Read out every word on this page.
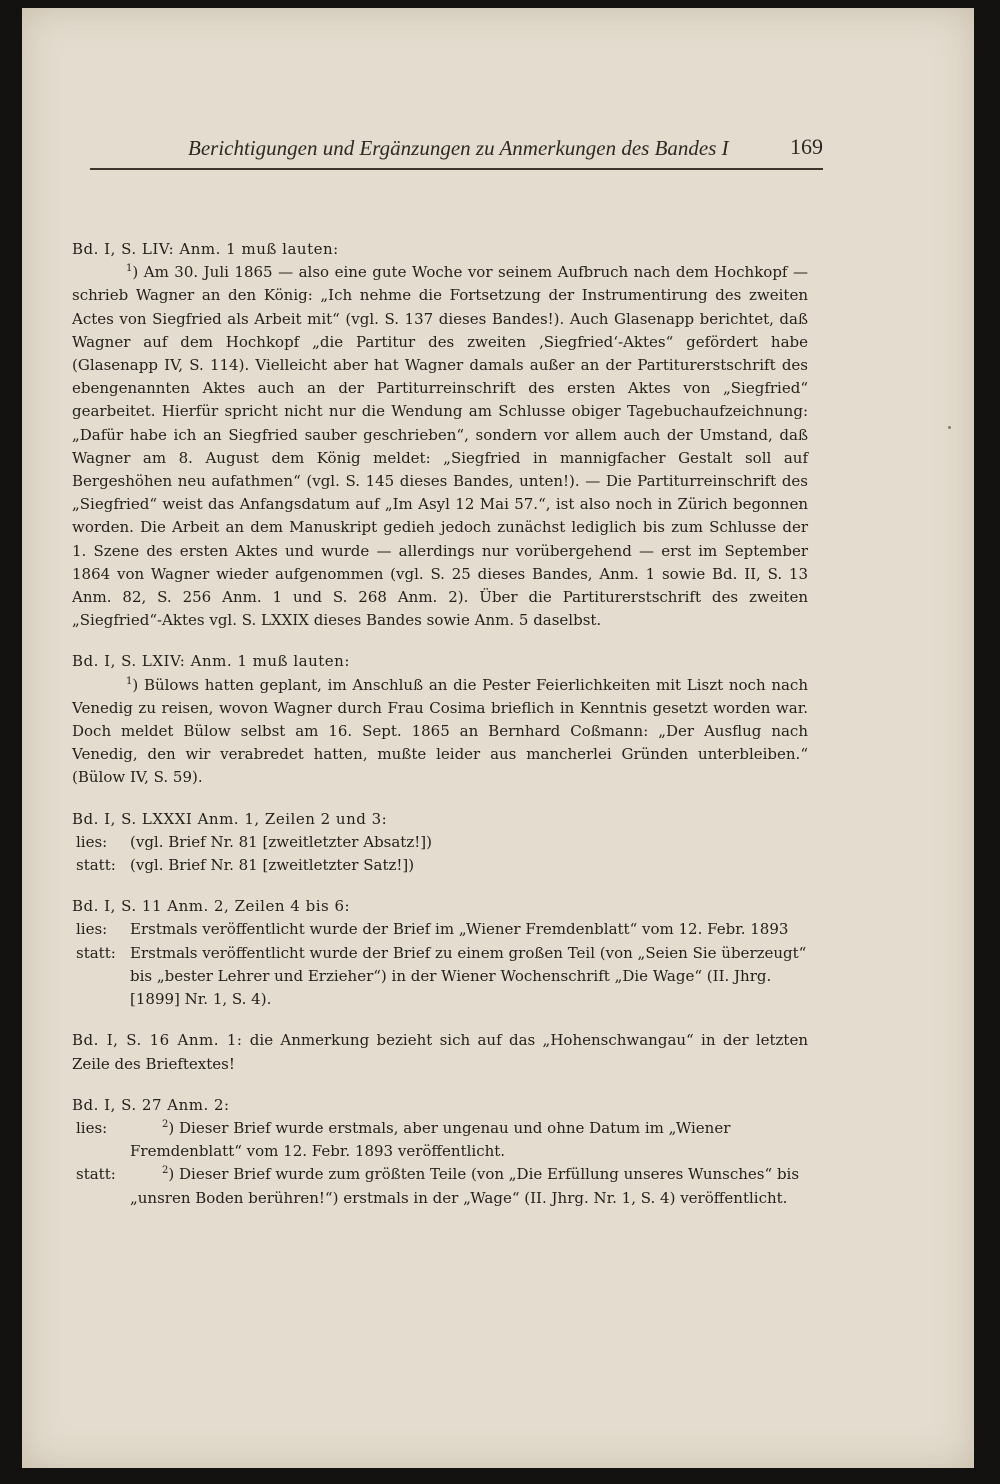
Berichtigungen und Ergänzungen zu Anmerkungen des Bandes I	169
Bd. I, S. LIV: Anm. 1 muß lauten:
$^1$) Am 30. Juli 1865 — also eine gute Woche vor seinem Aufbruch nach dem Hochkopf — schrieb Wagner an den König: „Ich nehme die Fortsetzung der Instrumentirung des zweiten Actes von Siegfried als Arbeit mit“ (vgl. S. 137 dieses Bandes!). Auch Glasenapp berichtet, daß Wagner auf dem Hochkopf „die Partitur des zweiten ‚Siegfried‘-Aktes“ gefördert habe (Glasenapp IV, S. 114). Vielleicht aber hat Wagner damals außer an der Partiturerstschrift des ebengenannten Aktes auch an der Partiturreinschrift des ersten Aktes von „Siegfried“ gearbeitet. Hierfür spricht nicht nur die Wendung am Schlusse obiger Tagebuchaufzeichnung: „Dafür habe ich an Siegfried sauber geschrieben“, sondern vor allem auch der Umstand, daß Wagner am 8. August dem König meldet: „Siegfried in mannigfacher Gestalt soll auf Bergeshöhen neu aufathmen“ (vgl. S. 145 dieses Bandes, unten!). — Die Partiturreinschrift des „Siegfried“ weist das Anfangsdatum auf „Im Asyl 12 Mai 57.“, ist also noch in Zürich begonnen worden. Die Arbeit an dem Manuskript gedieh jedoch zunächst lediglich bis zum Schlusse der 1. Szene des ersten Aktes und wurde — allerdings nur vorübergehend — erst im September 1864 von Wagner wieder aufgenommen (vgl. S. 25 dieses Bandes, Anm. 1 sowie Bd. II, S. 13 Anm. 82, S. 256 Anm. 1 und S. 268 Anm. 2). Über die Partiturerstschrift des zweiten „Siegfried“-Aktes vgl. S. LXXIX dieses Bandes sowie Anm. 5 daselbst.
Bd. I, S. LXIV: Anm. 1 muß lauten:
$^1$) Bülows hatten geplant, im Anschluß an die Pester Feierlichkeiten mit Liszt noch nach Venedig zu reisen, wovon Wagner durch Frau Cosima brieflich in Kenntnis gesetzt worden war. Doch meldet Bülow selbst am 16. Sept. 1865 an Bernhard Coßmann: „Der Ausflug nach Venedig, den wir verabredet hatten, mußte leider aus mancherlei Gründen unterbleiben.“ (Bülow IV, S. 59).
Bd. I, S. LXXXI Anm. 1, Zeilen 2 und 3:
lies:	(vgl. Brief Nr. 81 [zweitletzter Absatz!])
statt: (vgl. Brief Nr. 81 [zweitletzter Satz!])
Bd. I, S. 11 Anm. 2, Zeilen 4 bis 6:
lies:	Erstmals veröffentlicht wurde der Brief im „Wiener Fremdenblatt“ vom 12. Febr. 1893
statt: Erstmals veröffentlicht wurde der Brief zu einem großen Teil (von „Seien Sie überzeugt“ bis „bester Lehrer und Erzieher“) in der Wiener Wochenschrift „Die Wage“ (II. Jhrg. [1899] Nr. 1, S. 4).
Bd. I, S. 16 Anm. 1: die Anmerkung bezieht sich auf das „Hohenschwangau“ in der letzten Zeile des Brieftextes!
Bd. I, S. 27 Anm. 2:
lies:	$^2$) Dieser Brief wurde erstmals, aber ungenau und ohne Datum im „Wiener Fremdenblatt“ vom 12. Febr. 1893 veröffentlicht.
statt:	$^2$) Dieser Brief wurde zum größten Teile (von „Die Erfüllung unseres Wunsches“ bis „unsren Boden berühren!“) erstmals in der „Wage“ (II. Jhrg. Nr. 1, S. 4) veröffentlicht.
